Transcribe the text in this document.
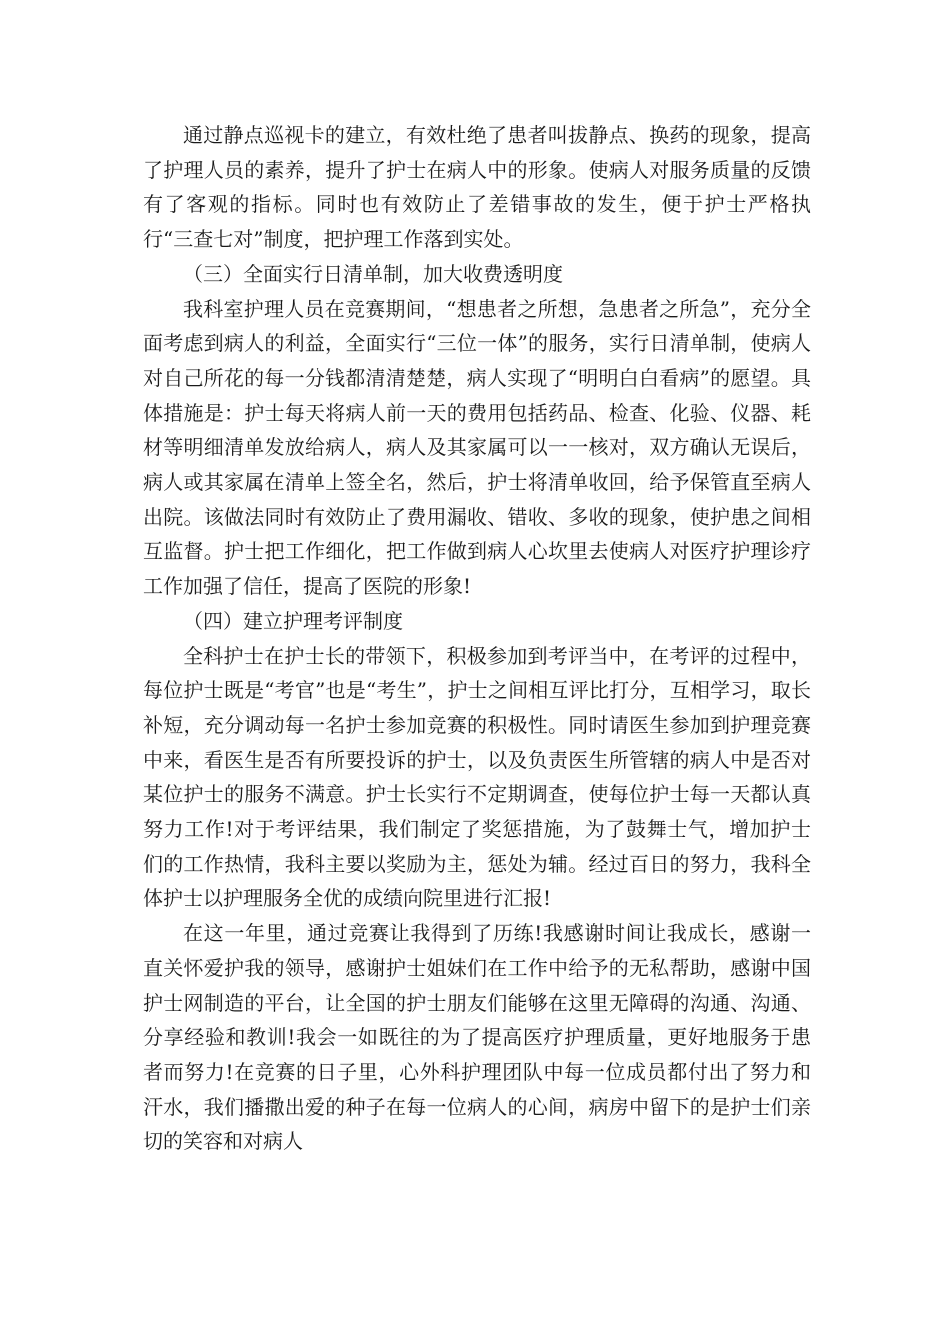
通过静点巡视卡的建立，有效杜绝了患者叫拔静点、换药的现象，提高了护理人员的素养，提升了护士在病人中的形象。使病人对服务质量的反馈有了客观的指标。同时也有效防止了差错事故的发生，便于护士严格执行“三查七对”制度，把护理工作落到实处。

（三）全面实行日清单制，加大收费透明度

我科室护理人员在竞赛期间，“想患者之所想，急患者之所急”，充分全面考虑到病人的利益，全面实行“三位一体”的服务，实行日清单制，使病人对自己所花的每一分钱都清清楚楚，病人实现了“明明白白看病”的愿望。具体措施是：护士每天将病人前一天的费用包括药品、检查、化验、仪器、耗材等明细清单发放给病人，病人及其家属可以一一核对，双方确认无误后，病人或其家属在清单上签全名，然后，护士将清单收回，给予保管直至病人出院。该做法同时有效防止了费用漏收、错收、多收的现象，使护患之间相互监督。护士把工作细化，把工作做到病人心坎里去使病人对医疗护理诊疗工作加强了信任，提高了医院的形象!

（四）建立护理考评制度

全科护士在护士长的带领下，积极参加到考评当中，在考评的过程中，每位护士既是“考官”也是“考生”，护士之间相互评比打分，互相学习，取长补短，充分调动每一名护士参加竞赛的积极性。同时请医生参加到护理竞赛中来，看医生是否有所要投诉的护士，以及负责医生所管辖的病人中是否对某位护士的服务不满意。护士长实行不定期调查，使每位护士每一天都认真努力工作!对于考评结果，我们制定了奖惩措施，为了鼓舞士气，增加护士们的工作热情，我科主要以奖励为主，惩处为辅。经过百日的努力，我科全体护士以护理服务全优的成绩向院里进行汇报!

在这一年里，通过竞赛让我得到了历练!我感谢时间让我成长，感谢一直关怀爱护我的领导，感谢护士姐妹们在工作中给予的无私帮助，感谢中国护士网制造的平台，让全国的护士朋友们能够在这里无障碍的沟通、沟通、分享经验和教训!我会一如既往的为了提高医疗护理质量，更好地服务于患者而努力!在竞赛的日子里，心外科护理团队中每一位成员都付出了努力和汗水，我们播撒出爱的种子在每一位病人的心间，病房中留下的是护士们亲切的笑容和对病人
